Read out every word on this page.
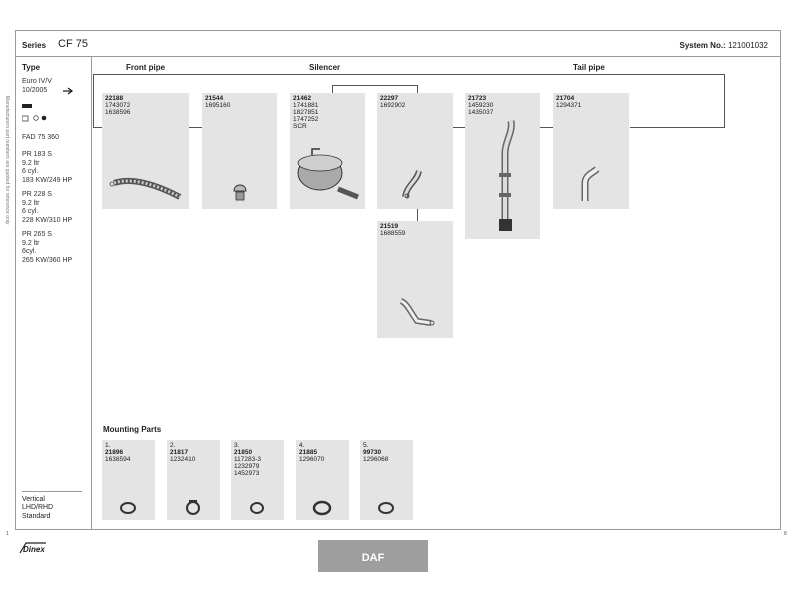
Series CF 75	System No.: 121001032
Type
Euro IV/V
10/2005
FAD 75 360
PR 183 S
9.2 ltr
6 cyl.
183 KW/249 HP
PR 228 S
9.2 ltr
6 cyl.
228 KW/310 HP
PR 265 S
9.2 ltr
6cyl.
265 KW/360 HP
Manufacturers part numbers are quoted for reference only
Vertical
LHD/RHD
Standard
Front pipe	Silencer	Tail pipe
Mounting Parts
22188
1743072
1638596
21544
1695160
21462
1741881
1827851
1747252
SCR
22297
1692902
21723
1459230
1435037
21704
1294371
21519
1688559
1.
21896
1638594
2.
21817
1232410
3.
21850
117283-3
1232979
1452973
4.
21885
1296070
5.
99730
1296068
1	8
Dinex
DAF
